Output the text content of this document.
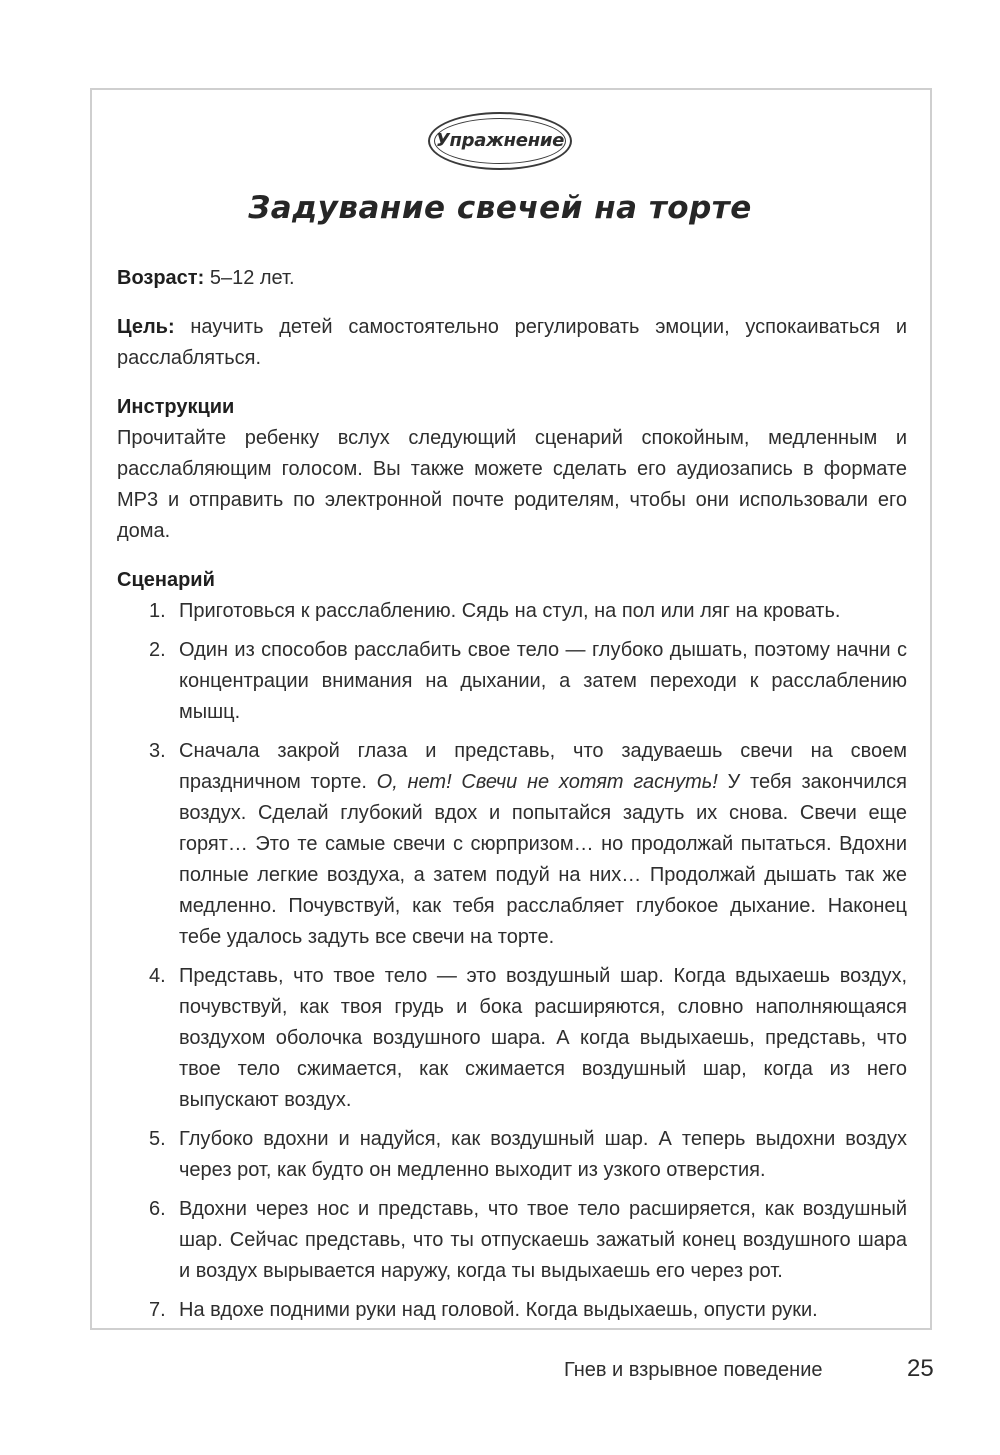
Упражнение
Задувание свечей на торте

Возраст: 5–12 лет.

Цель: научить детей самостоятельно регулировать эмоции, успокаиваться и расслабляться.

Инструкции

Прочитайте ребенку вслух следующий сценарий спокойным, медленным и расслабляющим голосом. Вы также можете сделать его аудиозапись в формате MP3 и отправить по электронной почте родителям, чтобы они использовали его дома.

Сценарий

1. Приготовься к расслаблению. Сядь на стул, на пол или ляг на кровать.
2. Один из способов расслабить свое тело — глубоко дышать, поэтому начни с концентрации внимания на дыхании, а затем переходи к расслаблению мышц.
3. Сначала закрой глаза и представь, что задуваешь свечи на своем праздничном торте. О, нет! Свечи не хотят гаснуть! У тебя закончился воздух. Сделай глубокий вдох и попытайся задуть их снова. Свечи еще горят… Это те самые свечи с сюрпризом… но продолжай пытаться. Вдохни полные легкие воздуха, а затем подуй на них… Продолжай дышать так же медленно. Почувствуй, как тебя расслабляет глубокое дыхание. Наконец тебе удалось задуть все свечи на торте.
4. Представь, что твое тело — это воздушный шар. Когда вдыхаешь воздух, почувствуй, как твоя грудь и бока расширяются, словно наполняющаяся воздухом оболочка воздушного шара. А когда выдыхаешь, представь, что твое тело сжимается, как сжимается воздушный шар, когда из него выпускают воздух.
5. Глубоко вдохни и надуйся, как воздушный шар. А теперь выдохни воздух через рот, как будто он медленно выходит из узкого отверстия.
6. Вдохни через нос и представь, что твое тело расширяется, как воздушный шар. Сейчас представь, что ты отпускаешь зажатый конец воздушного шара и воздух вырывается наружу, когда ты выдыхаешь его через рот.
7. На вдохе подними руки над головой. Когда выдыхаешь, опусти руки.
Гнев и взрывное поведение	25
